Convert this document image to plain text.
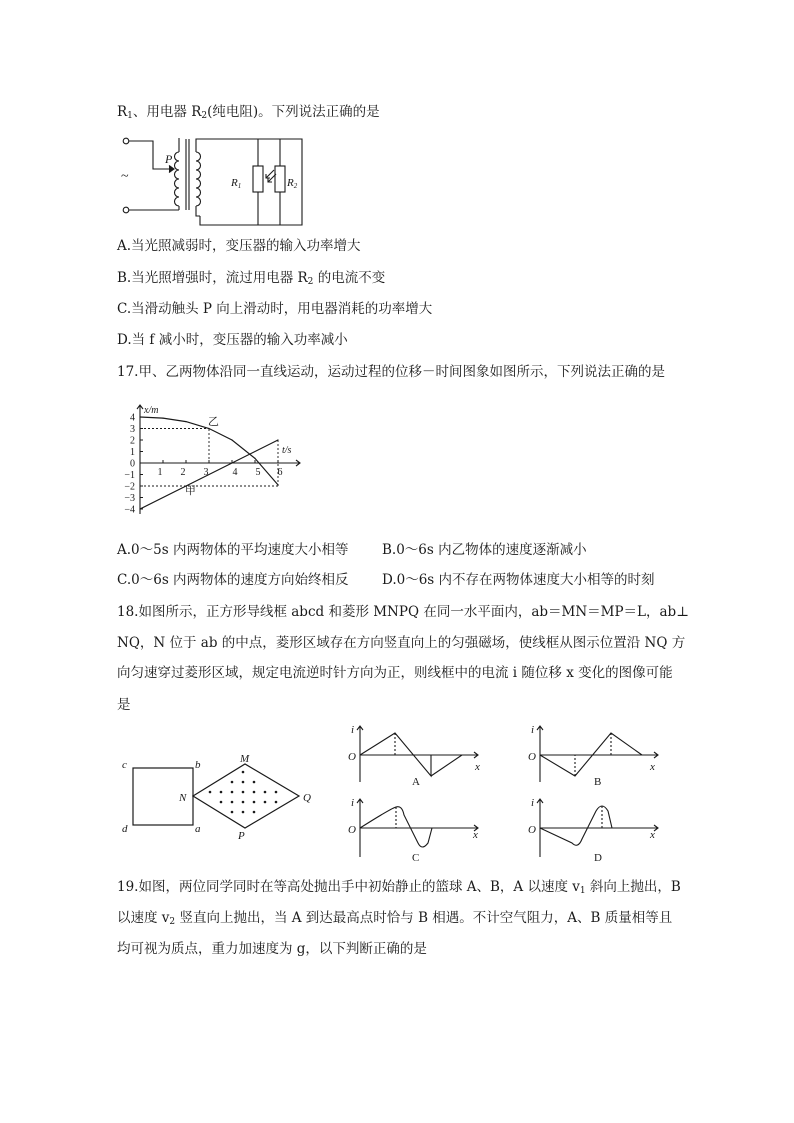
$R_1$、用电器 $R_2$(纯电阻)。下列说法正确的是
~
P
R1	R2
A.当光照减弱时，变压器的输入功率增大
B.当光照增强时，流过用电器 $R_2$ 的电流不变
C.当滑动触头 P 向上滑动时，用电器消耗的功率增大
D.当 f 减小时，变压器的输入功率减小
17.甲、乙两物体沿同一直线运动，运动过程的位移－时间图象如图所示，下列说法正确的是
x/m
t/s
4
3
2
1
0
−1
−2
−3
−4
1 2 3 4 5 6
甲
乙
A.0～5s 内两物体的平均速度大小相等 B.0～6s 内乙物体的速度逐渐减小
C.0～6s 内两物体的速度方向始终相反 D.0～6s 内不存在两物体速度大小相等的时刻
18.如图所示，正方形导线框 abcd 和菱形 MNPQ 在同一水平面内，ab＝MN＝MP＝L，ab⊥
NQ，N 位于 ab 的中点，菱形区域存在方向竖直向上的匀强磁场，使线框从图示位置沿 NQ 方
向匀速穿过菱形区域，规定电流逆时针方向为正，则线框中的电流 i 随位移 x 变化的图像可能
是
c	b
d	a
M
N	Q
P
i
O
x
A
i
O
x
B
i
O	x
C
i
O	x
D
19.如图，两位同学同时在等高处抛出手中初始静止的篮球 A、B，A 以速度 $v_1$ 斜向上抛出，B
以速度 $v_2$ 竖直向上抛出，当 A 到达最高点时恰与 B 相遇。不计空气阻力，A、B 质量相等且
均可视为质点，重力加速度为 g，以下判断正确的是
